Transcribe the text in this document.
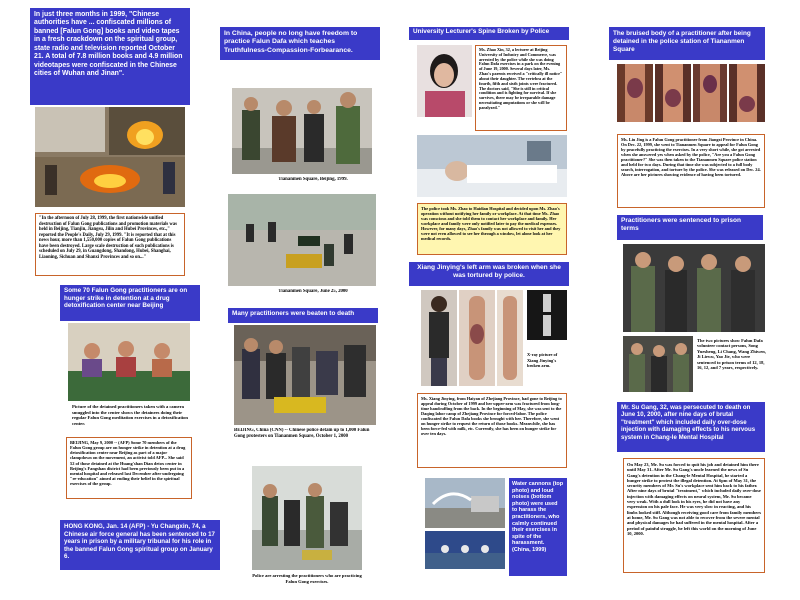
In just three months in 1999, "Chinese authorities have ... confiscated millions of banned [Falun Gong] books and video tapes in a fresh crackdown on the spiritual group, state radio and television reported October 21. A total of 7.8 million books and 4.9 million videotapes were confiscated in the Chinese cities of Wuhan and Jinan".
"In the afternoon of July 28, 1999, the first nationwide unified destruction of Falun Gong publications and promotion materials was held in Beijing, Tianjin, Jiangsu, Jilin and Hubei Provinces, etc.," reported the People's Daily, July 29, 1999. "It is reported that at this news hour, more than 1,550,000 copies of Falun Gong publications have been destroyed. Large scale destruction of such publications is scheduled on July 29, in Guangdong, Shandong, Hubei, Shanghai, Liaoning, Sichuan and Shanxi Provinces and so on..."
Some 70 Falun Gong practitioners are on hunger strike in detention at a drug detoxification center near Beijing
Picture of the detained practitioners taken with a camera smuggled into the center shows the detainees doing their regular Falun Gong meditation exercises in a detoxification center.
BEIJING, May 9, 2000 -- (AFP) Some 70 members of the Falun Gong group are on hunger strike in detention at a drug detoxification center near Beijing as part of a major clampdown on the movement, an activist told AFP... She said 52 of those detained at the Huang'shan Dian detox center in Beijing's Fangshan district had been previously been put in a mental hospital and released last December after undergoing "re-education" aimed at ending their belief in the spiritual exercises of the group.
HONG KONG, Jan. 14 (AFP) - Yu Changxin, 74, a Chinese air force general has been sentenced to 17 years in prison by a military tribunal for his role in the banned Falun Gong spiritual group on January 6.
In China, people no long have freedom to practice Falun Dafa which teaches Truthfulness-Compassion-Forbearance.
Tiananmen Square, Beijing, 1999.
Tiananmen Square, June 25, 2000
Many practitioners were beaten to death
BEIJING, China (CNN) -- Chinese police detain up to 1,000 Falun Gong protesters on Tiananmen Square, October 1, 2000
Police are arresting the practitioners who are practicing Falun Gong exercises.
University Lecturer's Spine Broken by Police
Ms. Zhao Xin, 32, a lecturer at Beijing University of Industry and Commerce, was arrested by the police while she was doing Falun Dafa exercises in a park on the evening of June 19, 2000. Several days later, Ms. Zhao's parents received a "critically ill notice" about their daughter. The vertebra at the fourth, fifth and sixth joints were fractured. The doctors said, "She is still in critical condition and is fighting for survival. If she survives, there may be irreparable damage necessitating amputations or she will be paralyzed."
The police took Ms. Zhao to Haidian Hospital and decided upon Ms. Zhao's operation without notifying her family or workplace. At that time Ms. Zhao was conscious and she told them to contact her workplace and family. Her workplace and family were only notified later to pay the medical expenses. However, for many days, Zhao's family was not allowed to visit her and they were not even allowed to see her through a window, let alone look at her medical records.
Xiang Jinying's left arm was broken when she was tortured by police.
X-ray picture of Xiang Jinying's broken arm.
Ms. Xiang Jinying, from Haiyan of Zhejiang Province, had gone to Beijing to appeal during October of 1999 and her upper-arm was fractured from long-time handcuffing from the back. In the beginning of May, she was sent to the Daqing labor camp of Zhejiang Province for forced-labor. The police confiscated the Falun Dafa books she brought with her. Therefore, she went on hunger strike to request the return of those books. Meanwhile, she has been force-fed with milk, etc. Currently, she has been on hunger strike for over ten days.
Water cannons (top photo) and loud noises (bottom photo) were used to harass the practitioners, who calmly continued their exercises in spite of the harassment. (China, 1999)
The bruised body of a practitioner after being detained in the police station of Tiananmen Square
Ms. Liu Jing is a Falun Gong practitioner from Jiangxi Province in China. On Dec. 22, 1999, she went to Tiananmen Square to appeal for Falun Gong by peacefully practicing the exercises. In a very short while, she got arrested when she answered yes when asked by the police, "Are you a Falun Gong practitioner?" She was then taken to the Tiananmen Square police station and held for two days. During that time she was subjected to a full body search, interrogation, and torture by the police. She was released on Dec. 24. Above are her pictures showing evidence of having been tortured.
Practitioners were sentenced to prison terms
The two pictures show Falun Dafa volunteer contact persons, Song Yuesheng, Li Chang, Wang Zhiwen, Ji Liewu, Yao Jie, who were sentenced to prison terms of 12, 18, 16, 12, and 7 years, respectively.
Mr. Su Gang, 32, was persecuted to death on June 10, 2000, after nine days of brutal "treatment" which included daily over-dose injection with damaging effects to his nervous system in Chang-le Mental Hospital
On May 23, Mr. Su was forced to quit his job and detained him there until May 31. After Mr. Su Gang's uncle learned the news of Su Gang's detention in the Chang-le Mental Hospital, he started a hunger strike to protest the illegal detention. At 6pm of May 31, the security members of Mr. Su's workplace sent him back to his father. After nine days of brutal "treatment," which included daily over-dose injection with damaging effects on neural system, Mr. Su became very weak. With a dull look in his eyes, he did not have any expression on his pale face. He was very slow in reacting, and his limbs looked stiff. Although receiving good care from family members at home, Mr. Su Gang was not able to recover from the severe mental and physical damages he had suffered in the mental hospital. After a period of painful struggle, he left this world on the morning of June 10, 2000.
